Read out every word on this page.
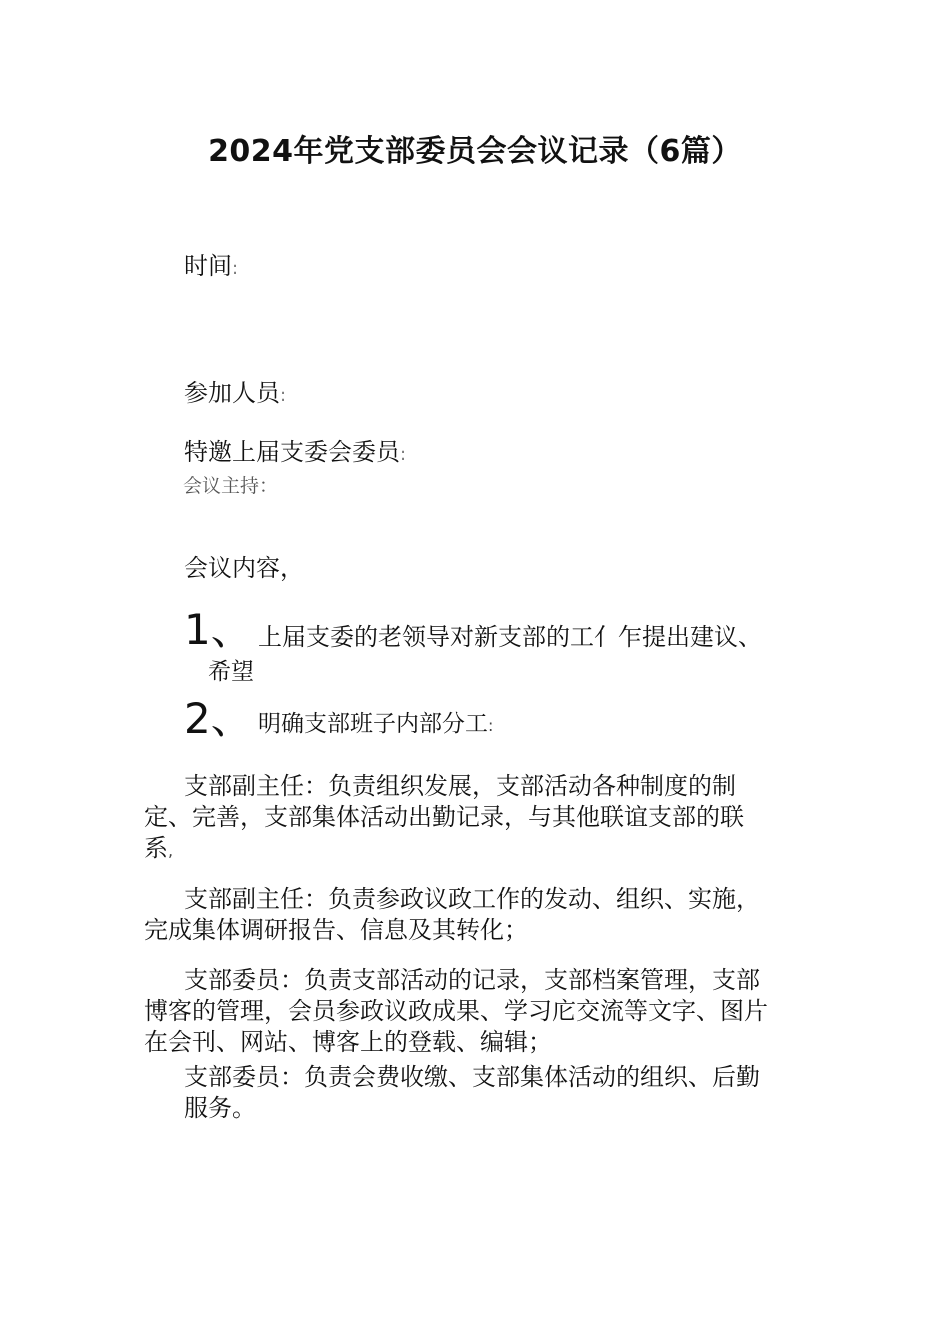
2024年党支部委员会会议记录（6篇）
时间:
参加人员:
特邀上届支委会委员:
会议主持：
会议内容，
1、 上届支委的老领导对新支部的工亻乍提出建议、
希望
2、 明确支部班子内部分工:
支部副主任：负责组织发展，支部活动各种制度的制
定、完善，支部集体活动出勤记录，与其他联谊支部的联
系,
支部副主任：负责参政议政工作的发动、组织、实施，
完成集体调研报告、信息及其转化；
支部委员：负责支部活动的记录，支部档案管理，支部
博客的管理，会员参政议政成果、学习庀交流等文字、图片
在会刊、网站、博客上的登载、编辑；
支部委员：负责会费收缴、支部集体活动的组织、后勤
服务。
